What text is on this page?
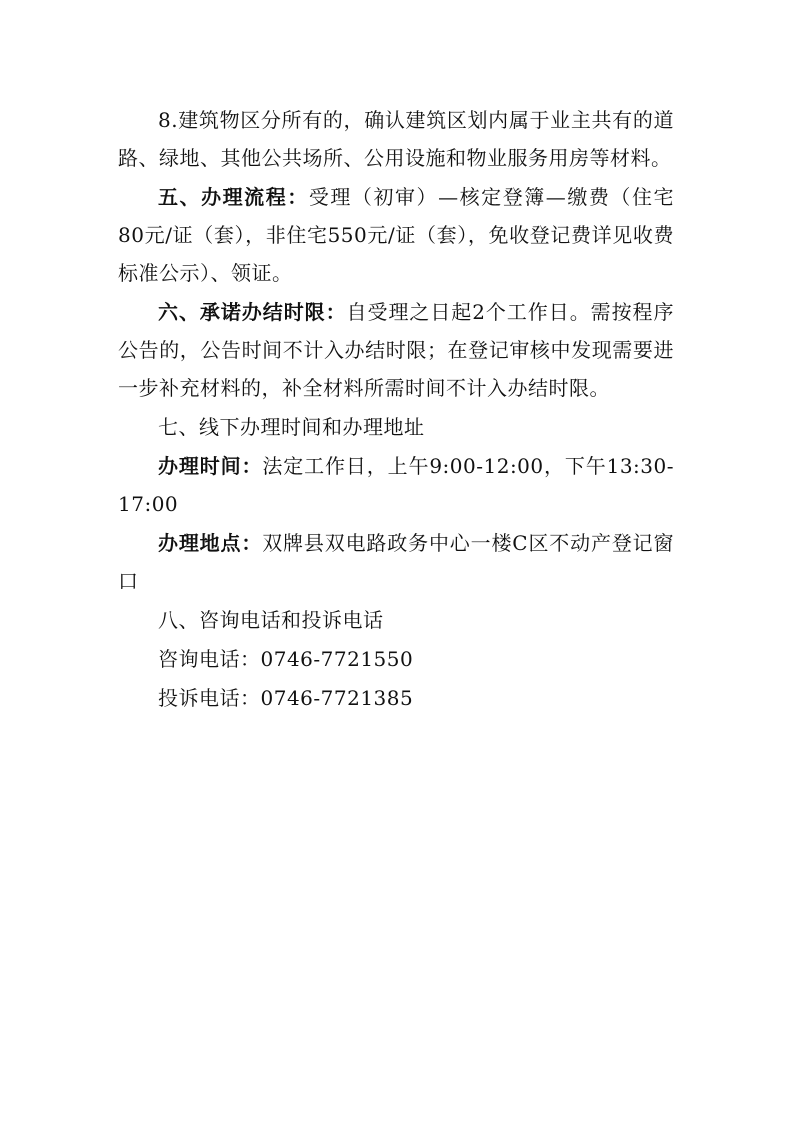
8.建筑物区分所有的，确认建筑区划内属于业主共有的道路、绿地、其他公共场所、公用设施和物业服务用房等材料。

五、办理流程：受理（初审）—核定登簿—缴费（住宅80元/证（套），非住宅550元/证（套），免收登记费详见收费标准公示）、领证。

六、承诺办结时限：自受理之日起2个工作日。需按程序公告的，公告时间不计入办结时限；在登记审核中发现需要进一步补充材料的，补全材料所需时间不计入办结时限。

七、线下办理时间和办理地址

办理时间：法定工作日，上午9:00-12:00，下午13:30-17:00

办理地点：双牌县双电路政务中心一楼C区不动产登记窗口

八、咨询电话和投诉电话

咨询电话：0746-7721550

投诉电话：0746-7721385
